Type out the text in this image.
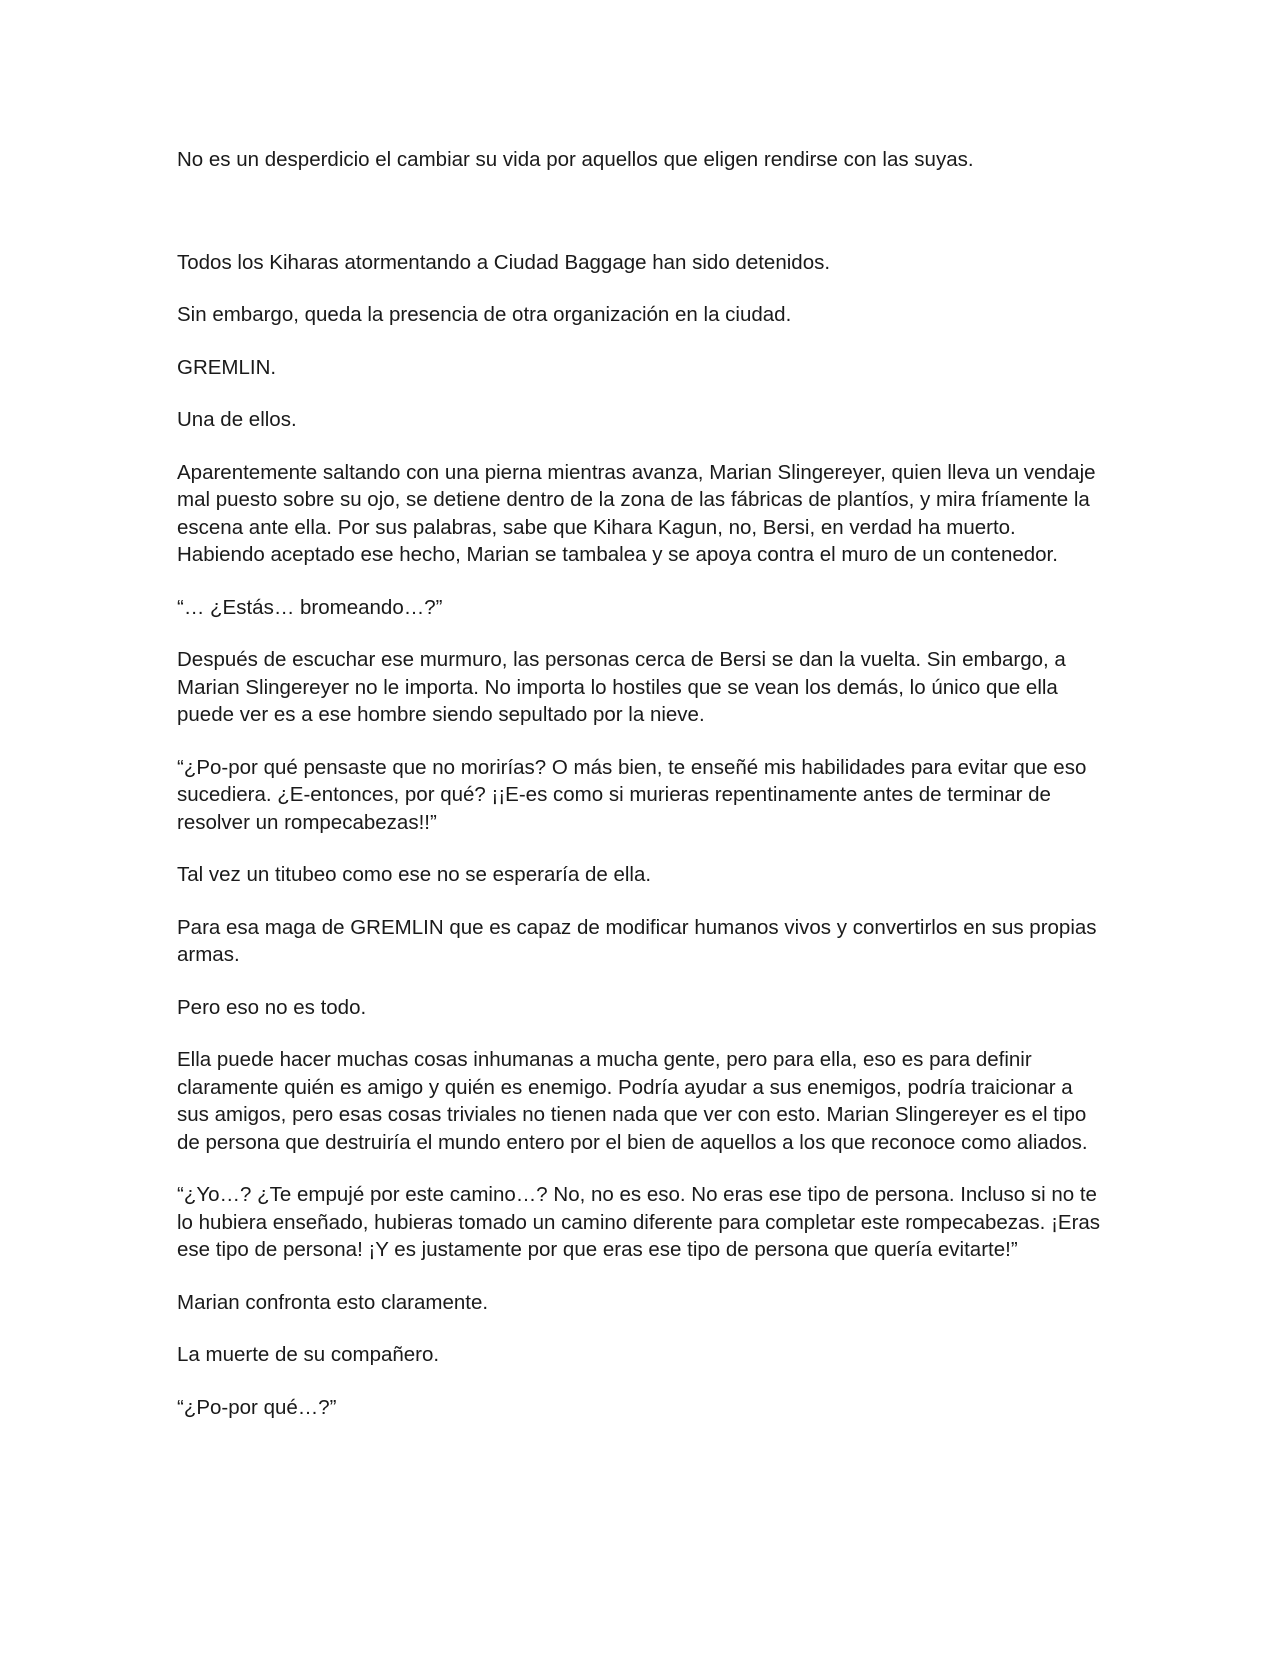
No es un desperdicio el cambiar su vida por aquellos que eligen rendirse con las suyas.

Todos los Kiharas atormentando a Ciudad Baggage han sido detenidos.

Sin embargo, queda la presencia de otra organización en la ciudad.

GREMLIN.

Una de ellos.

Aparentemente saltando con una pierna mientras avanza, Marian Slingereyer, quien lleva un vendaje mal puesto sobre su ojo, se detiene dentro de la zona de las fábricas de plantíos, y mira fríamente la escena ante ella. Por sus palabras, sabe que Kihara Kagun, no, Bersi, en verdad ha muerto. Habiendo aceptado ese hecho, Marian se tambalea y se apoya contra el muro de un contenedor.

“… ¿Estás… bromeando…?”

Después de escuchar ese murmuro, las personas cerca de Bersi se dan la vuelta. Sin embargo, a Marian Slingereyer no le importa. No importa lo hostiles que se vean los demás, lo único que ella puede ver es a ese hombre siendo sepultado por la nieve.

“¿Po-por qué pensaste que no morirías? O más bien, te enseñé mis habilidades para evitar que eso sucediera. ¿E-entonces, por qué? ¡¡E-es como si murieras repentinamente antes de terminar de resolver un rompecabezas!!”

Tal vez un titubeo como ese no se esperaría de ella.

Para esa maga de GREMLIN que es capaz de modificar humanos vivos y convertirlos en sus propias armas.

Pero eso no es todo.

Ella puede hacer muchas cosas inhumanas a mucha gente, pero para ella, eso es para definir claramente quién es amigo y quién es enemigo. Podría ayudar a sus enemigos, podría traicionar a sus amigos, pero esas cosas triviales no tienen nada que ver con esto. Marian Slingereyer es el tipo de persona que destruiría el mundo entero por el bien de aquellos a los que reconoce como aliados.

“¿Yo…? ¿Te empujé por este camino…? No, no es eso. No eras ese tipo de persona. Incluso si no te lo hubiera enseñado, hubieras tomado un camino diferente para completar este rompecabezas. ¡Eras ese tipo de persona! ¡Y es justamente por que eras ese tipo de persona que quería evitarte!”

Marian confronta esto claramente.

La muerte de su compañero.

“¿Po-por qué…?”
